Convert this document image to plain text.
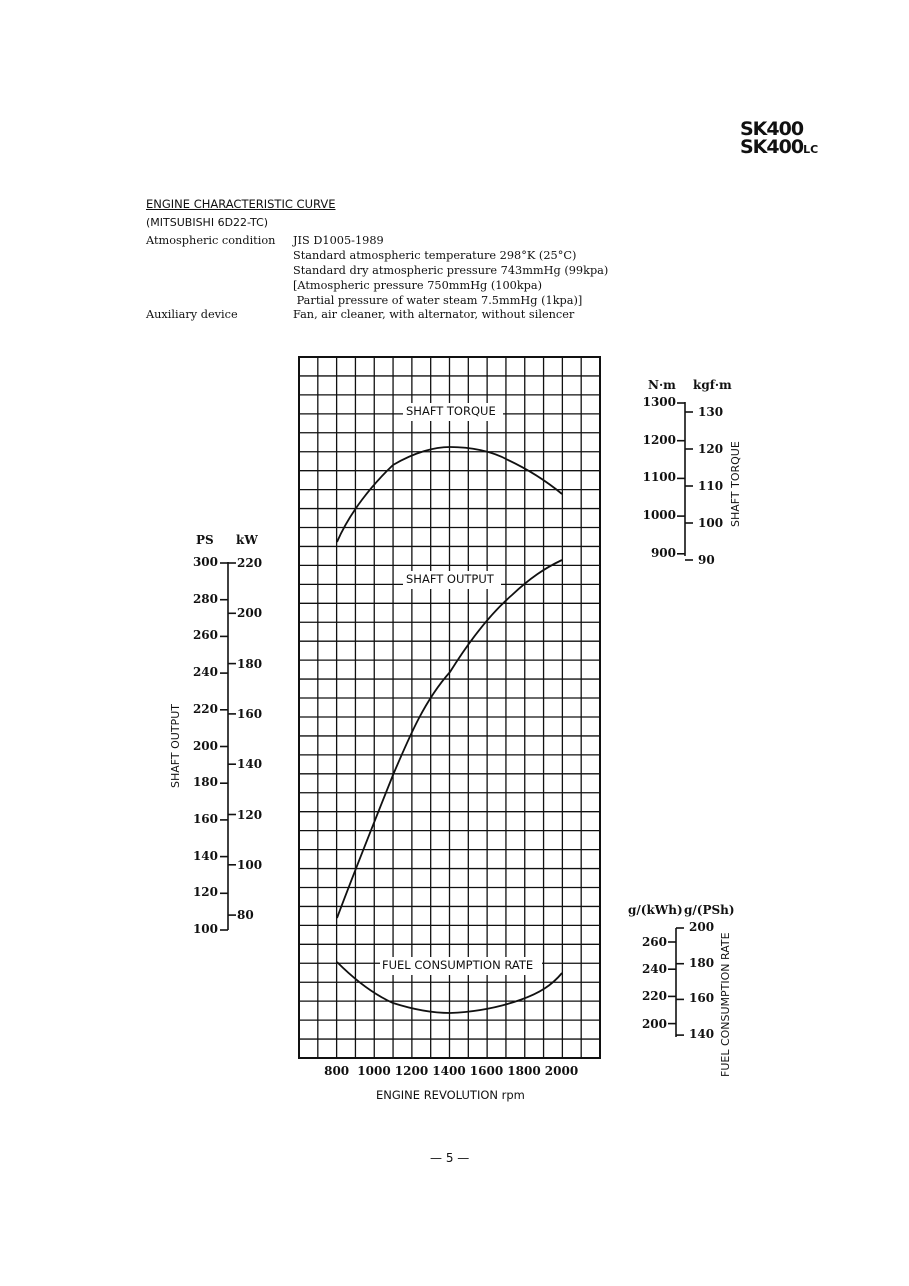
SK400
SK400LC
ENGINE CHARACTERISTIC CURVE
(MITSUBISHI 6D22-TC)
Atmospheric condition JIS D1005-1989
Standard atmospheric temperature 298°K (25°C)
Standard dry atmospheric pressure 743mmHg (99kpa)
[Atmospheric pressure 750mmHg (100kpa)
Partial pressure of water steam 7.5mmHg (1kpa)]
Auxiliary device	Fan, air cleaner, with alternator, without silencer
SHAFT TORQUE
SHAFT OUTPUT
FUEL CONSUMPTION RATE
PS kW
300
280
260
240
220
200
180
160
140
120
100
220
200
180
160
140
120
100
80
SHAFT OUTPUT
N·m kgf·m
1300
1200
1100
1000
900
130
120
110
100
90
SHAFT TORQUE
g/(kWh) g/(PSh)
260
240
220
200
200
180
160
140 FUEL CONSUMPTION RATE
800 1000 1200 1400 1600 1800 2000
ENGINE REVOLUTION rpm
— 5 —
